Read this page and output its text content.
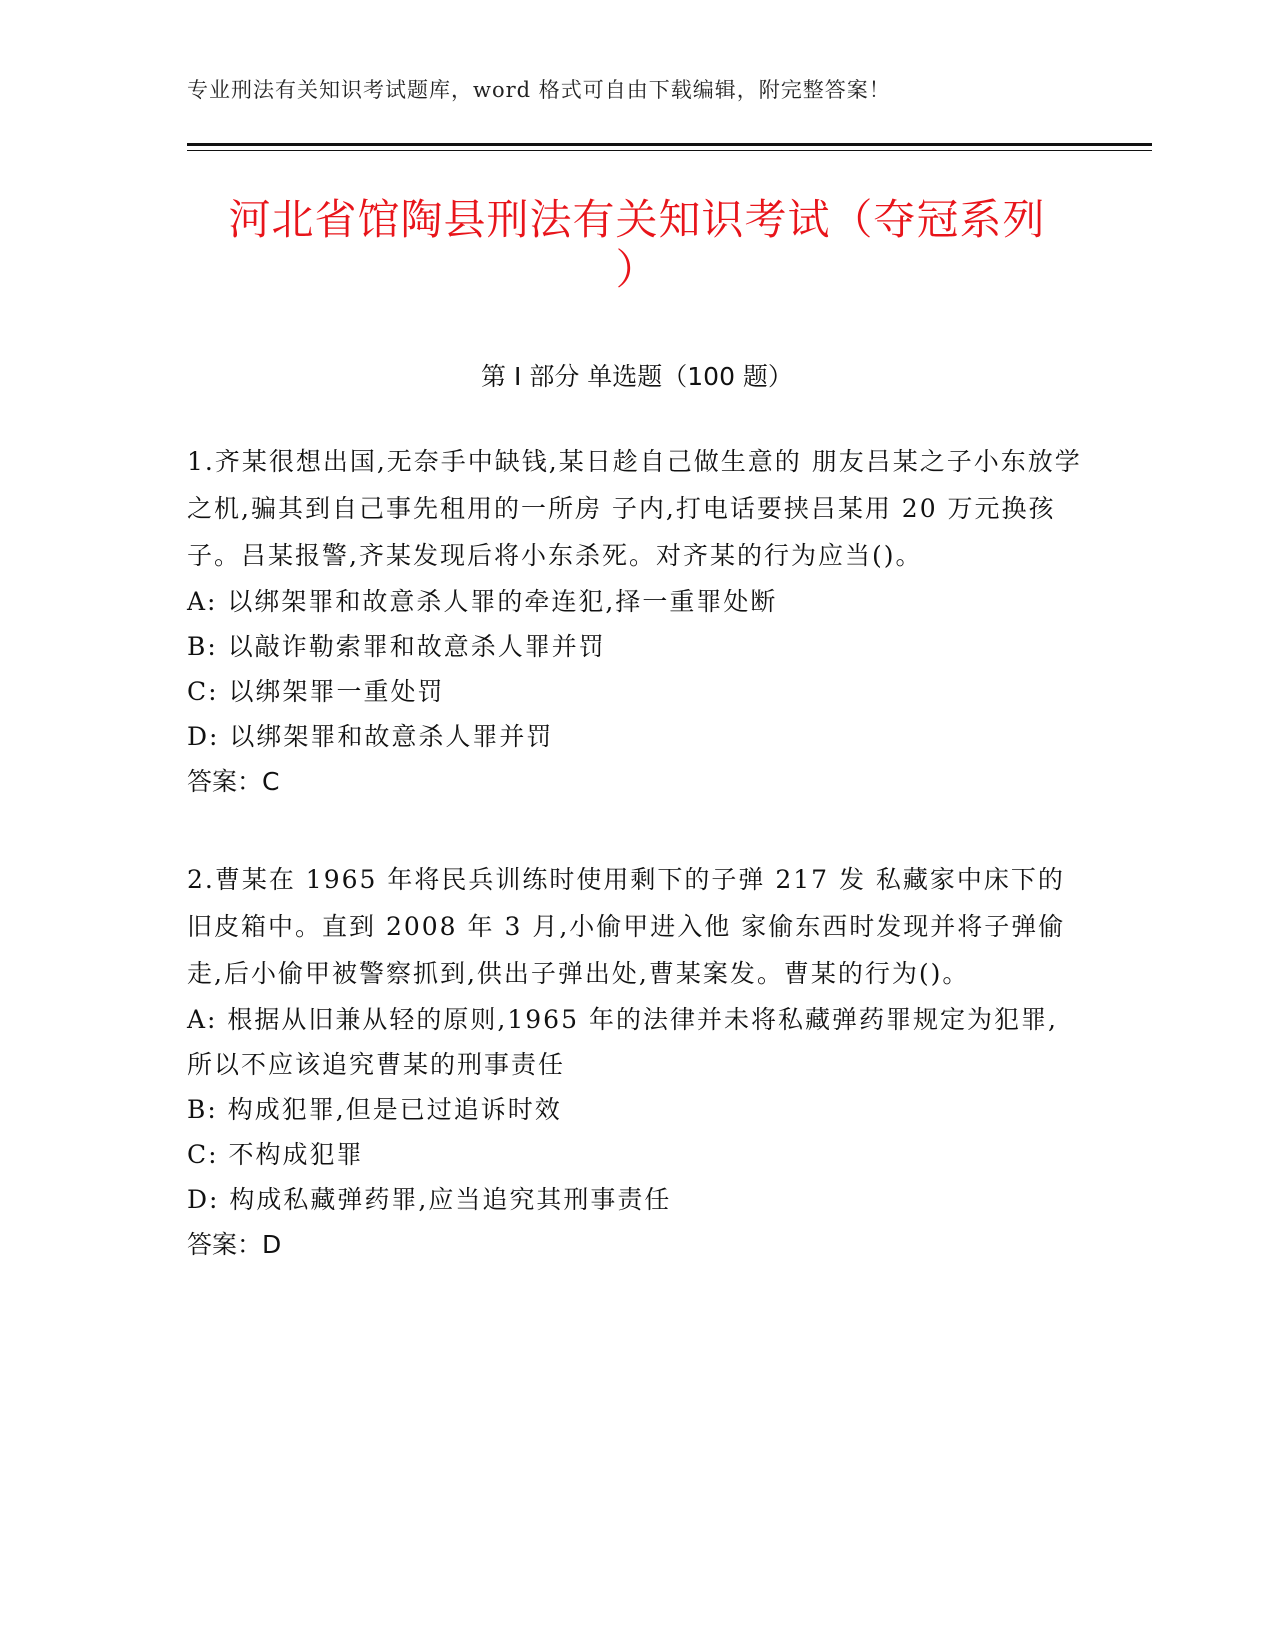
专业刑法有关知识考试题库，word 格式可自由下载编辑，附完整答案！
河北省馆陶县刑法有关知识考试（夺冠系列
）
第 I 部分 单选题（100 题）

1.齐某很想出国,无奈手中缺钱,某日趁自己做生意的 朋友吕某之子小东放学之机,骗其到自己事先租用的一所房 子内,打电话要挟吕某用 20 万元换孩子。吕某报警,齐某发现后将小东杀死。对齐某的行为应当()。

A: 以绑架罪和故意杀人罪的牵连犯,择一重罪处断
B: 以敲诈勒索罪和故意杀人罪并罚
C: 以绑架罪一重处罚
D: 以绑架罪和故意杀人罪并罚
答案：C

2.曹某在 1965 年将民兵训练时使用剩下的子弹 217 发 私藏家中床下的旧皮箱中。直到 2008 年 3 月,小偷甲进入他 家偷东西时发现并将子弹偷走,后小偷甲被警察抓到,供出子弹出处,曹某案发。曹某的行为()。

A: 根据从旧兼从轻的原则,1965 年的法律并未将私藏弹药罪规定为犯罪,所以不应该追究曹某的刑事责任
B: 构成犯罪,但是已过追诉时效
C: 不构成犯罪
D: 构成私藏弹药罪,应当追究其刑事责任
答案：D
